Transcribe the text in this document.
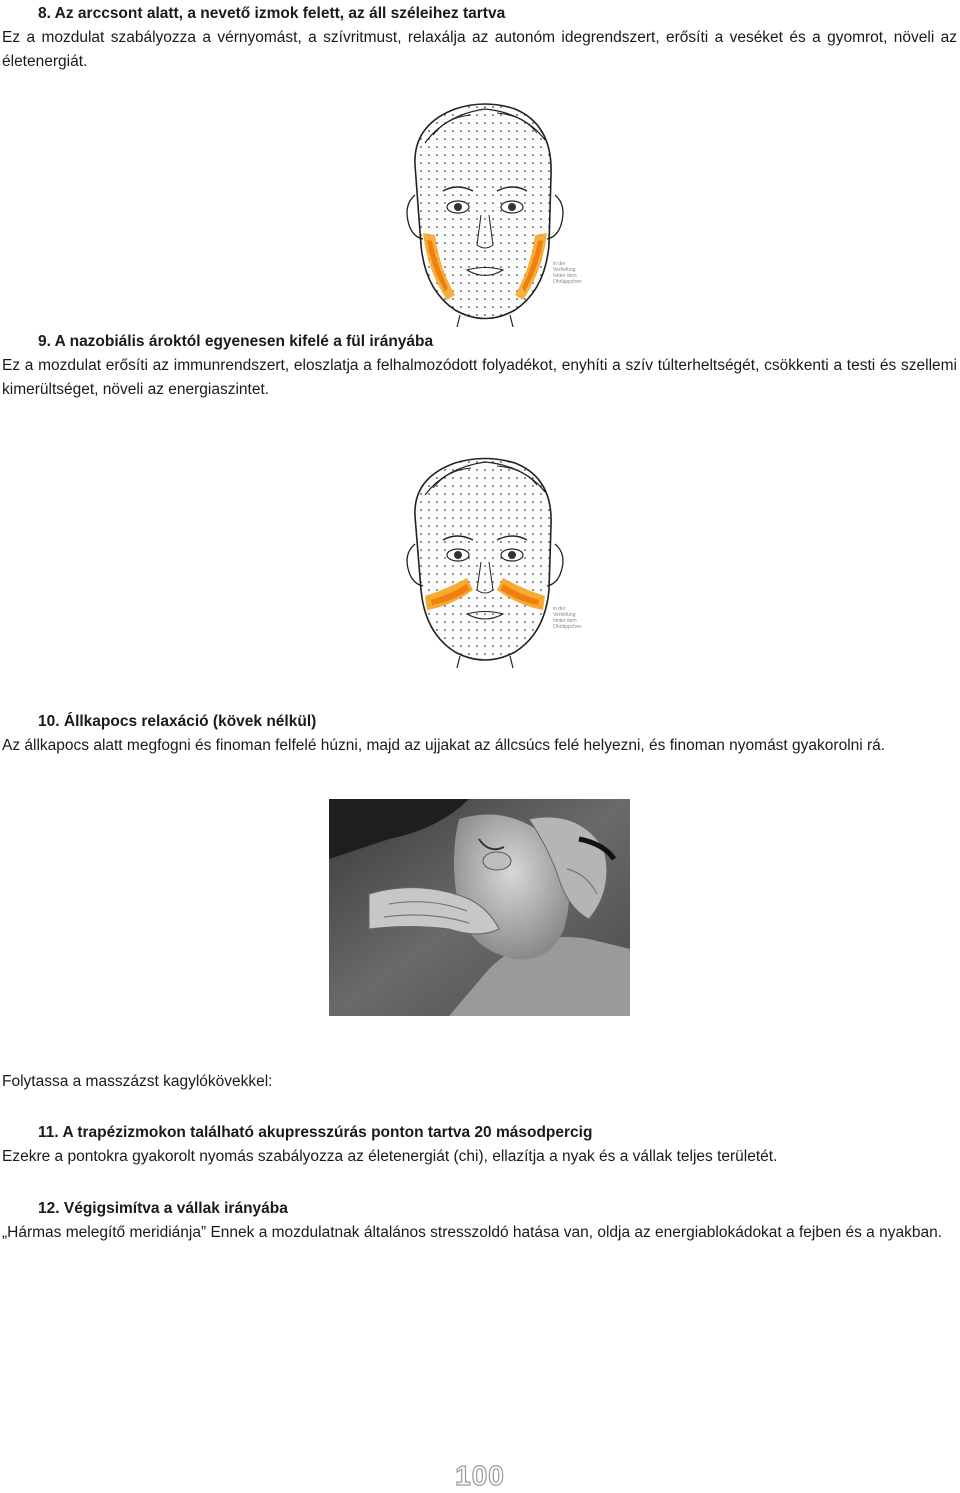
8. Az arccsont alatt, a nevető izmok felett, az áll széleihez tartva
Ez a mozdulat szabályozza a vérnyomást, a szívritmust, relaxálja az autonóm idegrendszert, erősíti a veséket és a gyomrot, növeli az életenergiát.
in der
Vertiefung
hinter dem
Ohrläppchen
9. A nazobiális ároktól egyenesen kifelé a fül irányába
Ez a mozdulat erősíti az immunrendszert, eloszlatja a felhalmozódott folyadékot, enyhíti a szív túlterheltségét, csökkenti a testi és szellemi kimerültséget, növeli az energiaszintet.
in der
Vertiefung
hinter dem
Ohrläppchen
10. Állkapocs relaxáció (kövek nélkül)
Az állkapocs alatt megfogni és finoman felfelé húzni, majd az ujjakat az állcsúcs felé helyezni, és finoman nyomást gyakorolni rá.
Folytassa a masszázst kagylókövekkel:
11. A trapézizmokon található akupresszúrás ponton tartva 20 másodpercig
Ezekre a pontokra gyakorolt nyomás szabályozza az életenergiát (chi), ellazítja a nyak és a vállak teljes területét.
12. Végigsimítva a vállak irányába
„Hármas melegítő meridiánja” Ennek a mozdulatnak általános stresszoldó hatása van, oldja az energiablokádokat a fejben és a nyakban.
100
